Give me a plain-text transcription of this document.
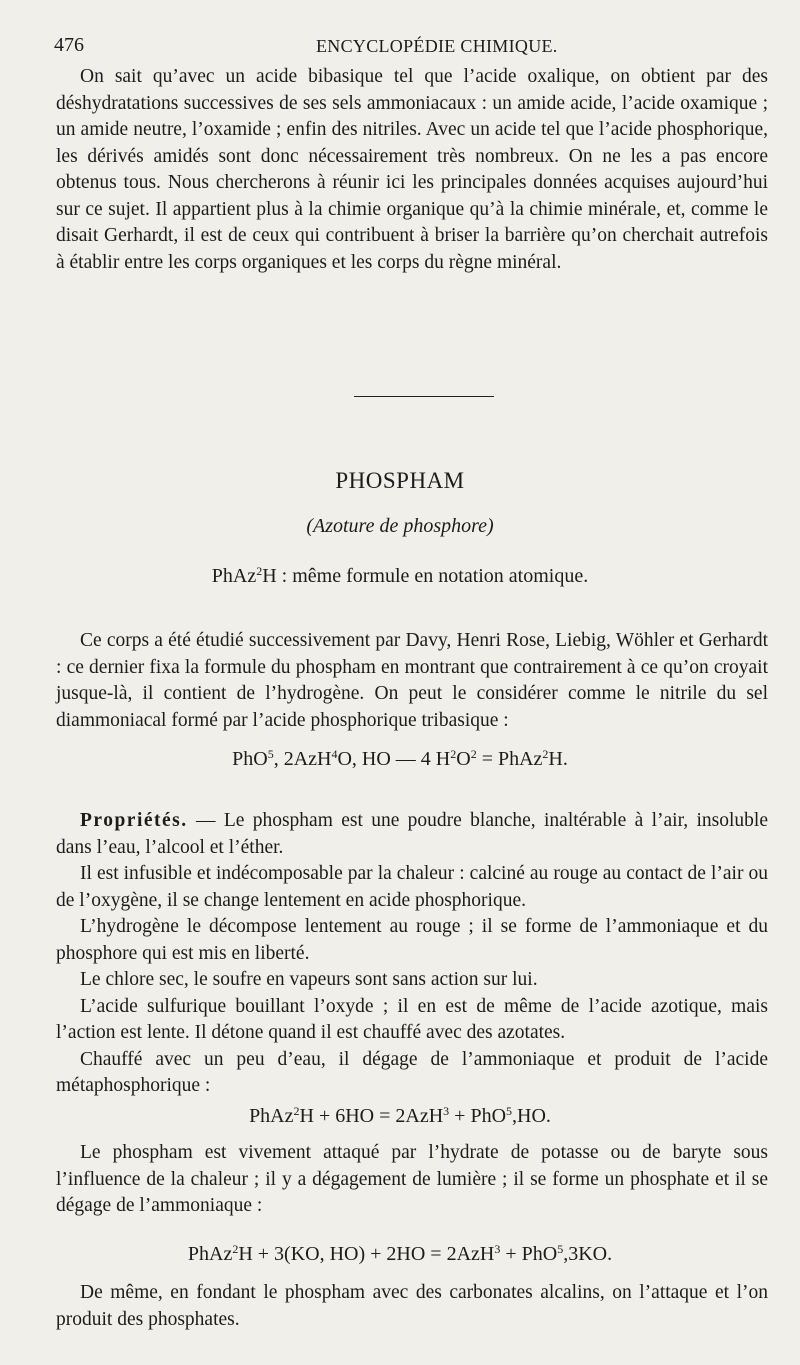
476	ENCYCLOPÉDIE CHIMIQUE.

On sait qu’avec un acide bibasique tel que l’acide oxalique, on obtient par des déshydratations successives de ses sels ammoniacaux : un amide acide, l’acide oxamique ; un amide neutre, l’oxamide ; enfin des nitriles. Avec un acide tel que l’acide phosphorique, les dérivés amidés sont donc nécessairement très nombreux. On ne les a pas encore obtenus tous. Nous chercherons à réunir ici les principales données acquises aujourd’hui sur ce sujet. Il appartient plus à la chimie organique qu’à la chimie minérale, et, comme le disait Gerhardt, il est de ceux qui contribuent à briser la barrière qu’on cherchait autrefois à établir entre les corps organiques et les corps du règne minéral.

PHOSPHAM
(Azoture de phosphore)
PhAz$^2$H : même formule en notation atomique.

Ce corps a été étudié successivement par Davy, Henri Rose, Liebig, Wöhler et Gerhardt : ce dernier fixa la formule du phospham en montrant que contrairement à ce qu’on croyait jusque-là, il contient de l’hydrogène. On peut le considérer comme le nitrile du sel diammoniacal formé par l’acide phosphorique tribasique :

PhO$^5$, 2AzH$^4$O, HO — 4 $H^2O^2$ = PhAz$^2$H.

Propriétés. — Le phospham est une poudre blanche, inaltérable à l’air, insoluble dans l’eau, l’alcool et l’éther.

Il est infusible et indécomposable par la chaleur : calciné au rouge au contact de l’air ou de l’oxygène, il se change lentement en acide phosphorique.

L’hydrogène le décompose lentement au rouge ; il se forme de l’ammoniaque et du phosphore qui est mis en liberté.

Le chlore sec, le soufre en vapeurs sont sans action sur lui.

L’acide sulfurique bouillant l’oxyde ; il en est de même de l’acide azotique, mais l’action est lente. Il détone quand il est chauffé avec des azotates.

Chauffé avec un peu d’eau, il dégage de l’ammoniaque et produit de l’acide métaphosphorique :

PhAz$^2$H + 6HO = 2AzH$^3$ + PhO$^5$,HO.

Le phospham est vivement attaqué par l’hydrate de potasse ou de baryte sous l’influence de la chaleur ; il y a dégagement de lumière ; il se forme un phosphate et il se dégage de l’ammoniaque :

PhAz$^2$H + 3(KO, HO) + 2HO = 2AzH$^3$ + PhO$^5$,3KO.

De même, en fondant le phospham avec des carbonates alcalins, on l’attaque et l’on produit des phosphates.
